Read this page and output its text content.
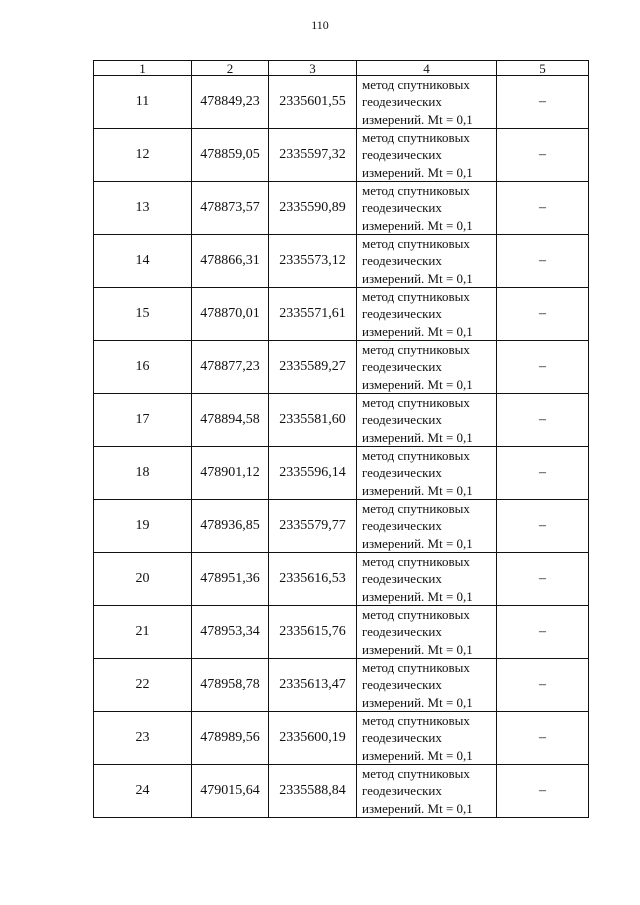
110
1	2	3	4	5
11	478849,23	2335601,55	метод спутниковых
геодезических
измерений. Mt = 0,1	–
12	478859,05	2335597,32	метод спутниковых
геодезических
измерений. Mt = 0,1	–
13	478873,57	2335590,89	метод спутниковых
геодезических
измерений. Mt = 0,1	–
14	478866,31	2335573,12	метод спутниковых
геодезических
измерений. Mt = 0,1	–
15	478870,01	2335571,61	метод спутниковых
геодезических
измерений. Mt = 0,1	–
16	478877,23	2335589,27	метод спутниковых
геодезических
измерений. Mt = 0,1	–
17	478894,58	2335581,60	метод спутниковых
геодезических
измерений. Mt = 0,1	–
18	478901,12	2335596,14	метод спутниковых
геодезических
измерений. Mt = 0,1	–
19	478936,85	2335579,77	метод спутниковых
геодезических
измерений. Mt = 0,1	–
20	478951,36	2335616,53	метод спутниковых
геодезических
измерений. Mt = 0,1	–
21	478953,34	2335615,76	метод спутниковых
геодезических
измерений. Mt = 0,1	–
22	478958,78	2335613,47	метод спутниковых
геодезических
измерений. Mt = 0,1	–
23	478989,56	2335600,19	метод спутниковых
геодезических
измерений. Mt = 0,1	–
24	479015,64	2335588,84	метод спутниковых
геодезических
измерений. Mt = 0,1	–
